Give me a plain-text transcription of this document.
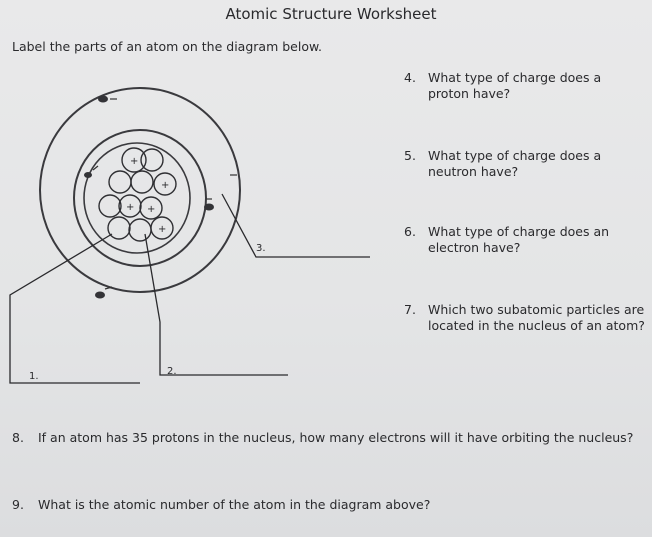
Atomic Structure Worksheet
Label the parts of an atom on the diagram below.
+
+
+ +
+
1.	2.
3.
4. What type of charge does a proton have?
5. What type of charge does a neutron have?
6. What type of charge does an electron have?
7. Which two subatomic particles are located in the nucleus of an atom?
8. If an atom has 35 protons in the nucleus, how many electrons will it have orbiting the nucleus?
9. What is the atomic number of the atom in the diagram above?
